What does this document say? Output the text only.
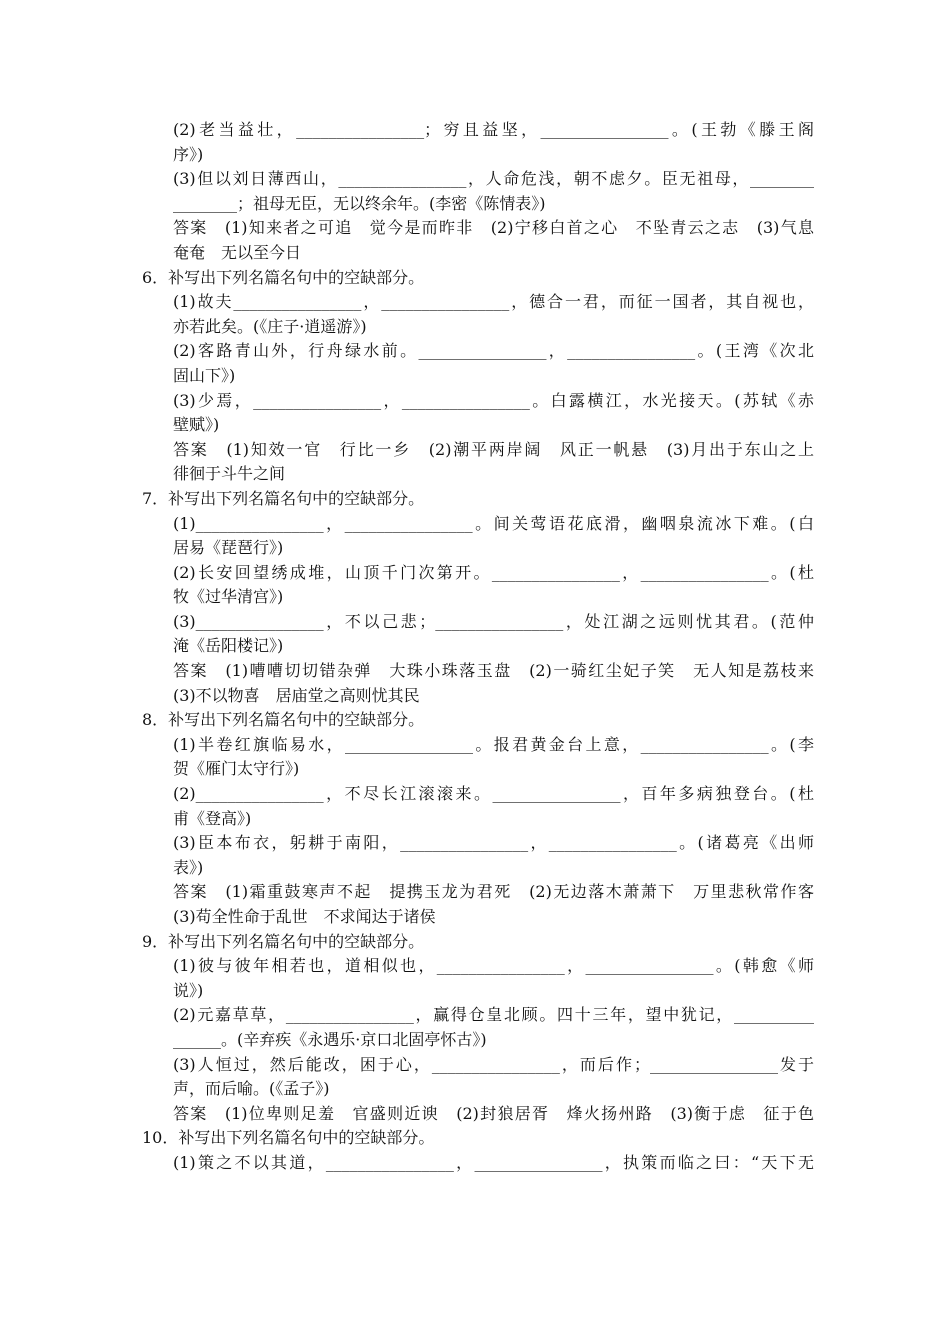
(2)老当益壮，________________；穷且益坚，________________。(王勃《滕王阁
序》)
(3)但以刘日薄西山，________________，人命危浅，朝不虑夕。臣无祖母，________
________；祖母无臣，无以终余年。(李密《陈情表》)
答案　(1)知来者之可追　觉今是而昨非　(2)宁移白首之心　不坠青云之志　(3)气息
奄奄　无以至今日
6．补写出下列名篇名句中的空缺部分。
(1)故夫________________，________________，德合一君，而征一国者，其自视也，
亦若此矣。(《庄子·逍遥游》)
(2)客路青山外，行舟绿水前。________________，________________。(王湾《次北
固山下》)
(3)少焉，________________，________________。白露横江，水光接天。(苏轼《赤
壁赋》)
答案　(1)知效一官　行比一乡　(2)潮平两岸阔　风正一帆悬　(3)月出于东山之上
徘徊于斗牛之间
7．补写出下列名篇名句中的空缺部分。
(1)________________，________________。间关莺语花底滑，幽咽泉流冰下难。(白
居易《琵琶行》)
(2)长安回望绣成堆，山顶千门次第开。________________，________________。(杜
牧《过华清宫》)
(3)________________，不以己悲；________________，处江湖之远则忧其君。(范仲
淹《岳阳楼记》)
答案　(1)嘈嘈切切错杂弹　大珠小珠落玉盘　(2)一骑红尘妃子笑　无人知是荔枝来
(3)不以物喜　居庙堂之高则忧其民
8．补写出下列名篇名句中的空缺部分。
(1)半卷红旗临易水，________________。报君黄金台上意，________________。(李
贺《雁门太守行》)
(2)________________，不尽长江滚滚来。________________，百年多病独登台。(杜
甫《登高》)
(3)臣本布衣，躬耕于南阳，________________，________________。(诸葛亮《出师
表》)
答案　(1)霜重鼓寒声不起　提携玉龙为君死　(2)无边落木萧萧下　万里悲秋常作客
(3)苟全性命于乱世　不求闻达于诸侯
9．补写出下列名篇名句中的空缺部分。
(1)彼与彼年相若也，道相似也，________________，________________。(韩愈《师
说》)
(2)元嘉草草，________________，赢得仓皇北顾。四十三年，望中犹记，__________
______。(辛弃疾《永遇乐·京口北固亭怀古》)
(3)人恒过，然后能改，困于心，________________，而后作；________________发于
声，而后喻。(《孟子》)
答案　(1)位卑则足羞　官盛则近谀　(2)封狼居胥　烽火扬州路　(3)衡于虑　征于色
10．补写出下列名篇名句中的空缺部分。
(1)策之不以其道，________________，________________，执策而临之曰：“天下无
